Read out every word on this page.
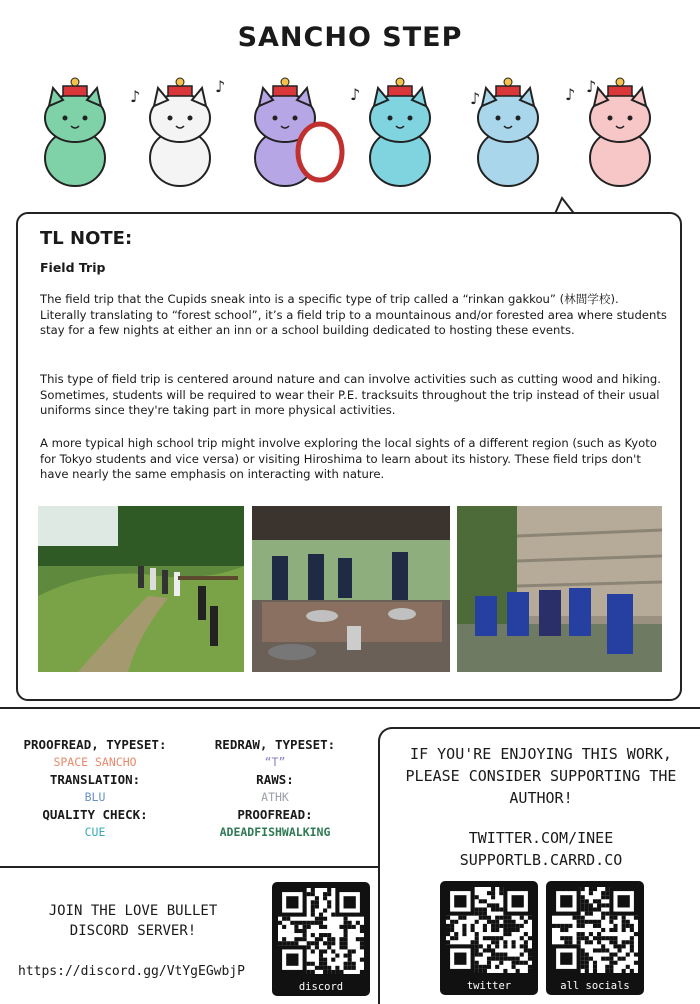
SANCHO STEP
♪
♪	♪	♪	♪ ♪
TL NOTE:
Field Trip
The field trip that the Cupids sneak into is a specific type of trip called a “rinkan gakkou” (林間学校). Literally translating to “forest school”, it’s a field trip to a mountainous and/or forested area where students stay for a few nights at either an inn or a school building dedicated to hosting these events.
This type of field trip is centered around nature and can involve activities such as cutting wood and hiking. Sometimes, students will be required to wear their P.E. tracksuits throughout the trip instead of their usual uniforms since they're taking part in more physical activities.
A more typical high school trip might involve exploring the local sights of a different region (such as Kyoto for Tokyo students and vice versa) or visiting Hiroshima to learn about its history. These field trips don't have nearly the same emphasis on interacting with nature.
PROOFREAD, TYPESET:
SPACE SANCHO
TRANSLATION:
BLU
QUALITY CHECK:
CUE
REDRAW, TYPESET:
“T”
RAWS:
ATHK
PROOFREAD:
ADEADFISHWALKING
JOIN THE LOVE BULLET DISCORD SERVER!
https://discord.gg/VtYgEGwbjP
discord
IF YOU'RE ENJOYING THIS WORK, PLEASE CONSIDER SUPPORTING THE AUTHOR!
TWITTER.COM/INEE
SUPPORTLB.CARRD.CO
twitter	all socials
